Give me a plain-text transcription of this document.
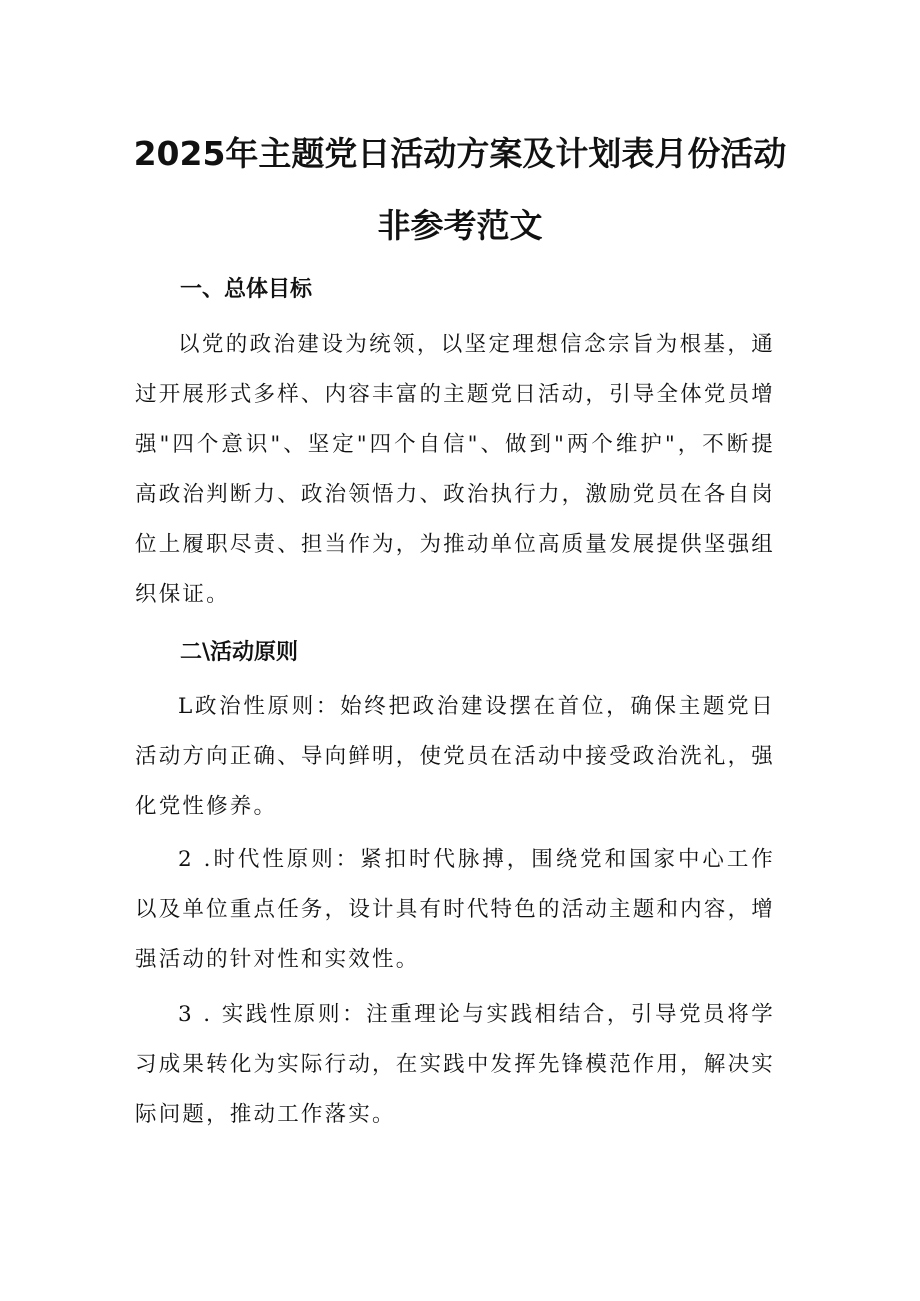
2025年主题党日活动方案及计划表月份活动
非参考范文
一、总体目标
以党的政治建设为统领，以坚定理想信念宗旨为根基，通过开展形式多样、内容丰富的主题党日活动，引导全体党员增强"四个意识"、坚定"四个自信"、做到"两个维护"，不断提高政治判断力、政治领悟力、政治执行力，激励党员在各自岗位上履职尽责、担当作为，为推动单位高质量发展提供坚强组织保证。
二\活动原则
L政治性原则：始终把政治建设摆在首位，确保主题党日活动方向正确、导向鲜明，使党员在活动中接受政治洗礼，强化党性修养。
2 .时代性原则：紧扣时代脉搏，围绕党和国家中心工作以及单位重点任务，设计具有时代特色的活动主题和内容，增强活动的针对性和实效性。
3 . 实践性原则：注重理论与实践相结合，引导党员将学习成果转化为实际行动，在实践中发挥先锋模范作用，解决实际问题，推动工作落实。
